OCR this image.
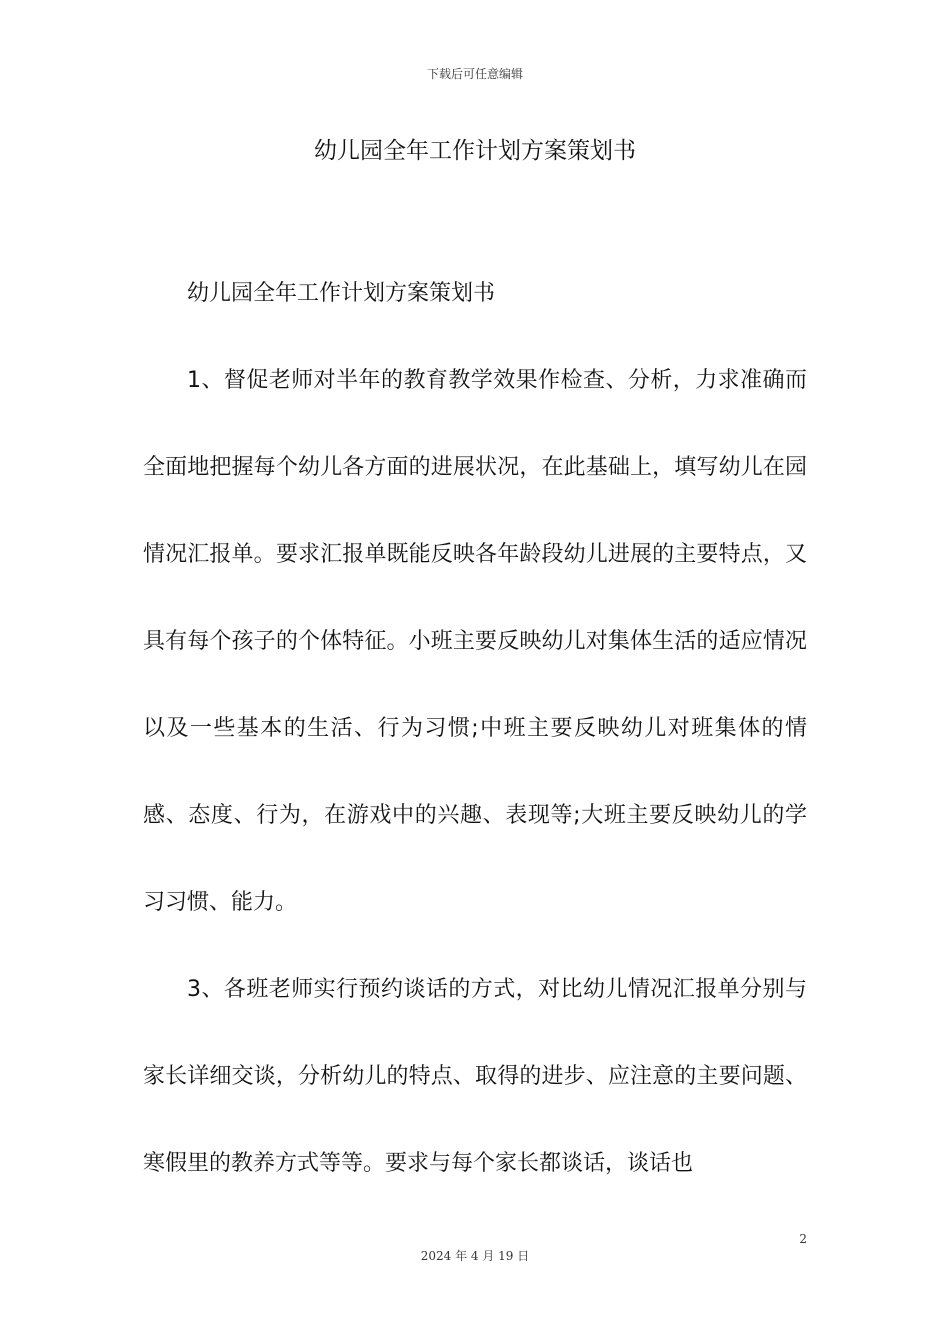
下载后可任意编辑
幼儿园全年工作计划方案策划书

幼儿园全年工作计划方案策划书

1、督促老师对半年的教育教学效果作检查、分析，力求准确而全面地把握每个幼儿各方面的进展状况，在此基础上，填写幼儿在园情况汇报单。要求汇报单既能反映各年龄段幼儿进展的主要特点，又具有每个孩子的个体特征。小班主要反映幼儿对集体生活的适应情况以及一些基本的生活、行为习惯;中班主要反映幼儿对班集体的情感、态度、行为，在游戏中的兴趣、表现等;大班主要反映幼儿的学习习惯、能力。

3、各班老师实行预约谈话的方式，对比幼儿情况汇报单分别与家长详细交谈，分析幼儿的特点、取得的进步、应注意的主要问题、寒假里的教养方式等等。要求与每个家长都谈话，谈话也

2
2024 年 4 月 19 日
